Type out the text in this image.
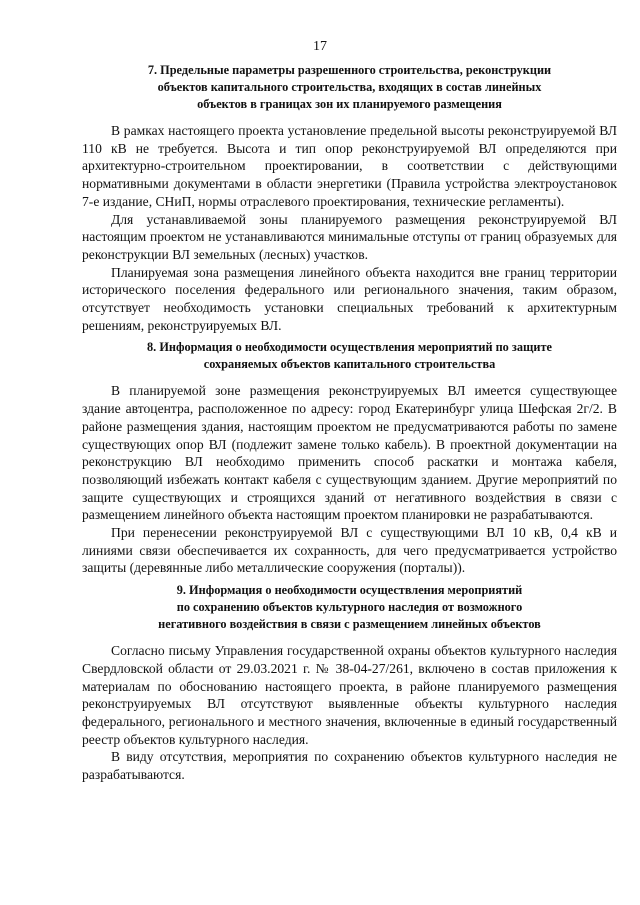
17
7. Предельные параметры разрешенного строительства, реконструкции
объектов капитального строительства, входящих в состав линейных
объектов в границах зон их планируемого размещения

В рамках настоящего проекта установление предельной высоты реконструируемой ВЛ 110 кВ не требуется. Высота и тип опор реконструируемой ВЛ определяются при архитектурно-строительном проектировании, в соответствии с действующими нормативными документами в области энергетики (Правила устройства электроустановок 7-е издание, СНиП, нормы отраслевого проектирования, технические регламенты).

Для устанавливаемой зоны планируемого размещения реконструируемой ВЛ настоящим проектом не устанавливаются минимальные отступы от границ образуемых для реконструкции ВЛ земельных (лесных) участков.

Планируемая зона размещения линейного объекта находится вне границ территории исторического поселения федерального или регионального значения, таким образом, отсутствует необходимость установки специальных требований к архитектурным решениям, реконструируемых ВЛ.

8. Информация о необходимости осуществления мероприятий по защите
сохраняемых объектов капитального строительства

В планируемой зоне размещения реконструируемых ВЛ имеется существующее здание автоцентра, расположенное по адресу: город Екатеринбург улица Шефская 2г/2. В районе размещения здания, настоящим проектом не предусматриваются работы по замене существующих опор ВЛ (подлежит замене только кабель). В проектной документации на реконструкцию ВЛ необходимо применить способ раскатки и монтажа кабеля, позволяющий избежать контакт кабеля с существующим зданием. Другие мероприятий по защите существующих и строящихся зданий от негативного воздействия в связи с размещением линейного объекта настоящим проектом планировки не разрабатываются.

При перенесении реконструируемой ВЛ с существующими ВЛ 10 кВ, 0,4 кВ и линиями связи обеспечивается их сохранность, для чего предусматривается устройство защиты (деревянные либо металлические сооружения (порталы)).

9. Информация о необходимости осуществления мероприятий
по сохранению объектов культурного наследия от возможного
негативного воздействия в связи с размещением линейных объектов

Согласно письму Управления государственной охраны объектов культурного наследия Свердловской области от 29.03.2021 г. № 38-04-27/261, включено в состав приложения к материалам по обоснованию настоящего проекта, в районе планируемого размещения реконструируемых ВЛ отсутствуют выявленные объекты культурного наследия федерального, регионального и местного значения, включенные в единый государственный реестр объектов культурного наследия.

В виду отсутствия, мероприятия по сохранению объектов культурного наследия не разрабатываются.
